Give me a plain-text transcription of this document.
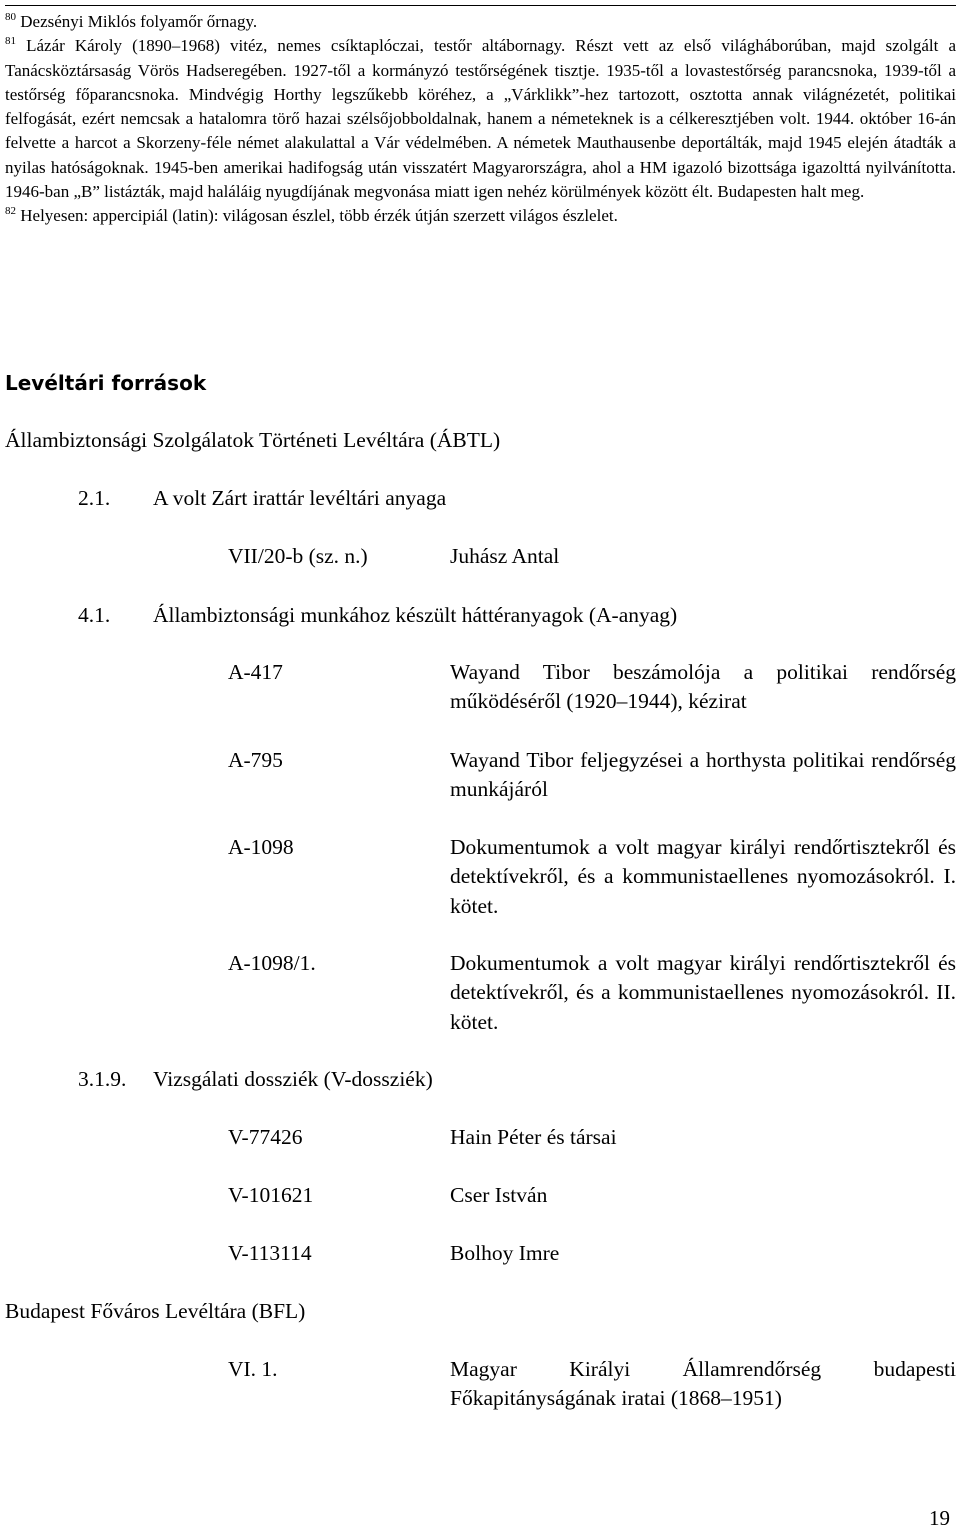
$^{80}$ Dezsényi Miklós folyamőr őrnagy.

$^{81}$ Lázár Károly (1890–1968) vitéz, nemes csíktaplóczai, testőr altábornagy. Részt vett az első világháborúban, majd szolgált a Tanácsköztársaság Vörös Hadseregében. 1927-től a kormányzó testőrségének tisztje. 1935-től a lovastestőrség parancsnoka, 1939-től a testőrség főparancsnoka. Mindvégig Horthy legszűkebb köréhez, a „Várklikk”-hez tartozott, osztotta annak világnézetét, politikai felfogását, ezért nemcsak a hatalomra törő hazai szélsőjobboldalnak, hanem a németeknek is a célkeresztjében volt. 1944. október 16-án felvette a harcot a Skorzeny-féle német alakulattal a Vár védelmében. A németek Mauthausenbe deportálták, majd 1945 elején átadták a nyilas hatóságoknak. 1945-ben amerikai hadifogság után visszatért Magyarországra, ahol a HM igazoló bizottsága igazolttá nyilvánította. 1946-ban „B” listázták, majd haláláig nyugdíjának megvonása miatt igen nehéz körülmények között élt. Budapesten halt meg.

$^{82}$ Helyesen: appercipiál (latin): világosan észlel, több érzék útján szerzett világos észlelet.

Levéltári források
Állambiztonsági Szolgálatok Történeti Levéltára (ÁBTL)
2.1. A volt Zárt irattár levéltári anyaga
VII/20-b (sz. n.)	Juhász Antal
4.1. Állambiztonsági munkához készült háttéranyagok (A-anyag)
A-417	Wayand Tibor beszámolója a politikai rendőrség működéséről (1920–1944), kézirat
A-795	Wayand Tibor feljegyzései a horthysta politikai rendőrség munkájáról
A-1098	Dokumentumok a volt magyar királyi rendőrtisztekről és detektívekről, és a kommunistaellenes nyomozásokról. I. kötet.
A-1098/1.	Dokumentumok a volt magyar királyi rendőrtisztekről és detektívekről, és a kommunistaellenes nyomozásokról. II. kötet.
3.1.9. Vizsgálati dossziék (V-dossziék)
V-77426	Hain Péter és társai
V-101621	Cser István
V-113114	Bolhoy Imre
Budapest Főváros Levéltára (BFL)
VI. 1.	Magyar Királyi Államrendőrség budapesti Főkapitányságának iratai (1868–1951)
19
